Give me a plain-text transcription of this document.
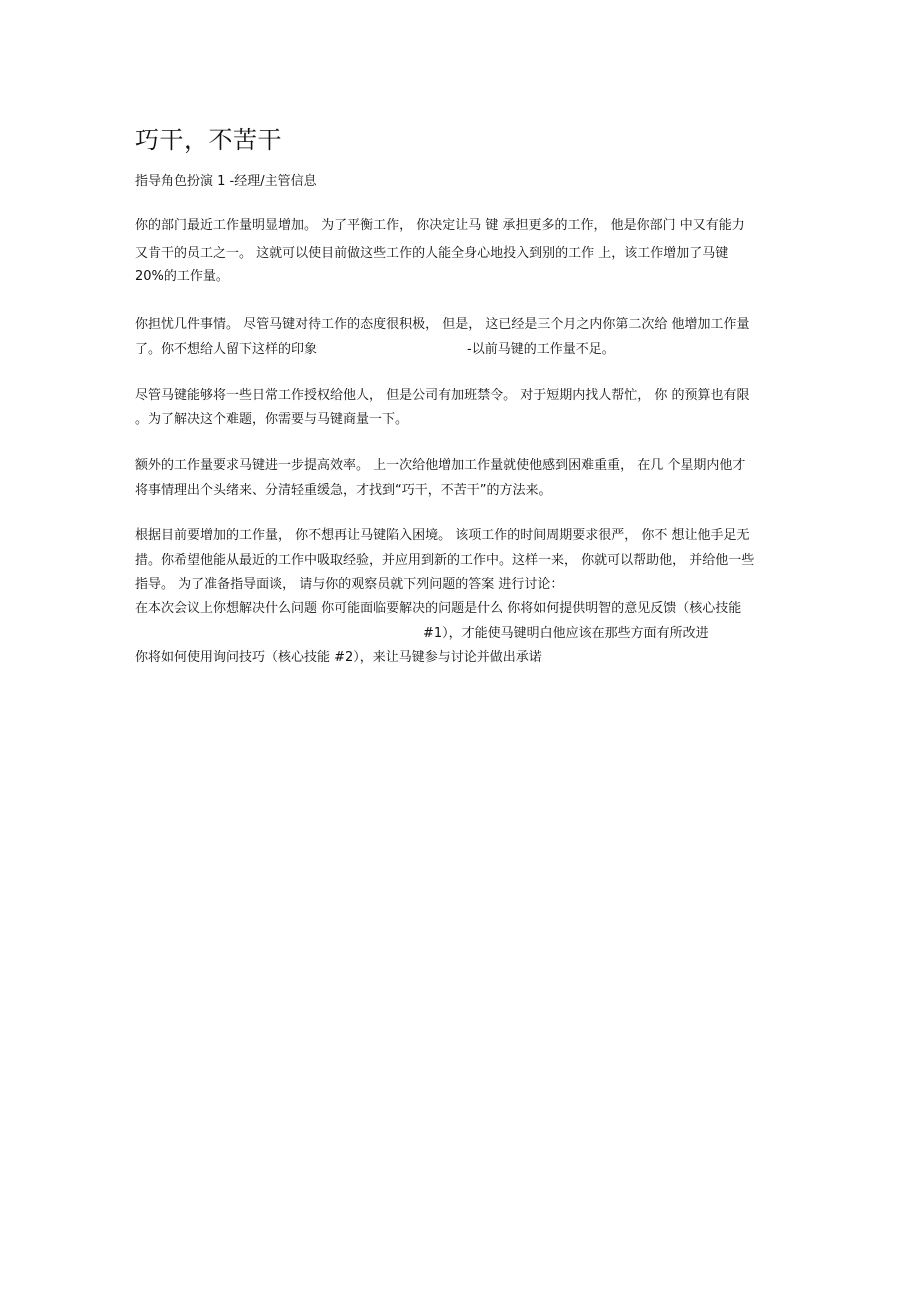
巧干，不苦干
指导角色扮演 1 -经理/主管信息
你的部门最近工作量明显增加。 为了平衡工作， 你决定让马 键 承担更多的工作， 他是你部门 中又有能力
又肯干的员工之一。 这就可以使目前做这些工作的人能全身心地投入到别的工作 上，该工作增加了马键
20%的工作量。
你担忧几件事情。 尽管马键对待工作的态度很积极， 但是， 这已经是三个月之内你第二次给 他增加工作量
了。你不想给人留下这样的印象	-以前马键的工作量不足。
尽管马键能够将一些日常工作授权给他人， 但是公司有加班禁令。 对于短期内找人帮忙， 你 的预算也有限
。为了解决这个难题，你需要与马键商量一下。
额外的工作量要求马键进一步提高效率。 上一次给他增加工作量就使他感到困难重重， 在几 个星期内他才
将事情理出个头绪来、分清轻重缓急，才找到“巧干，不苦干”的方法来。
根据目前要增加的工作量， 你不想再让马键陷入困境。 该项工作的时间周期要求很严， 你不 想让他手足无
措。你希望他能从最近的工作中吸取经验，并应用到新的工作中。这样一来， 你就可以帮助他， 并给他一些
指导。 为了准备指导面谈， 请与你的观察员就下列问题的答案 进行讨论：
在本次会议上你想解决什么问题 你可能面临要解决的问题是什么 你将如何提供明智的意见反馈（核心技能
#1），才能使马键明白他应该在那些方面有所改进
你将如何使用询问技巧（核心技能 #2），来让马键参与讨论并做出承诺
